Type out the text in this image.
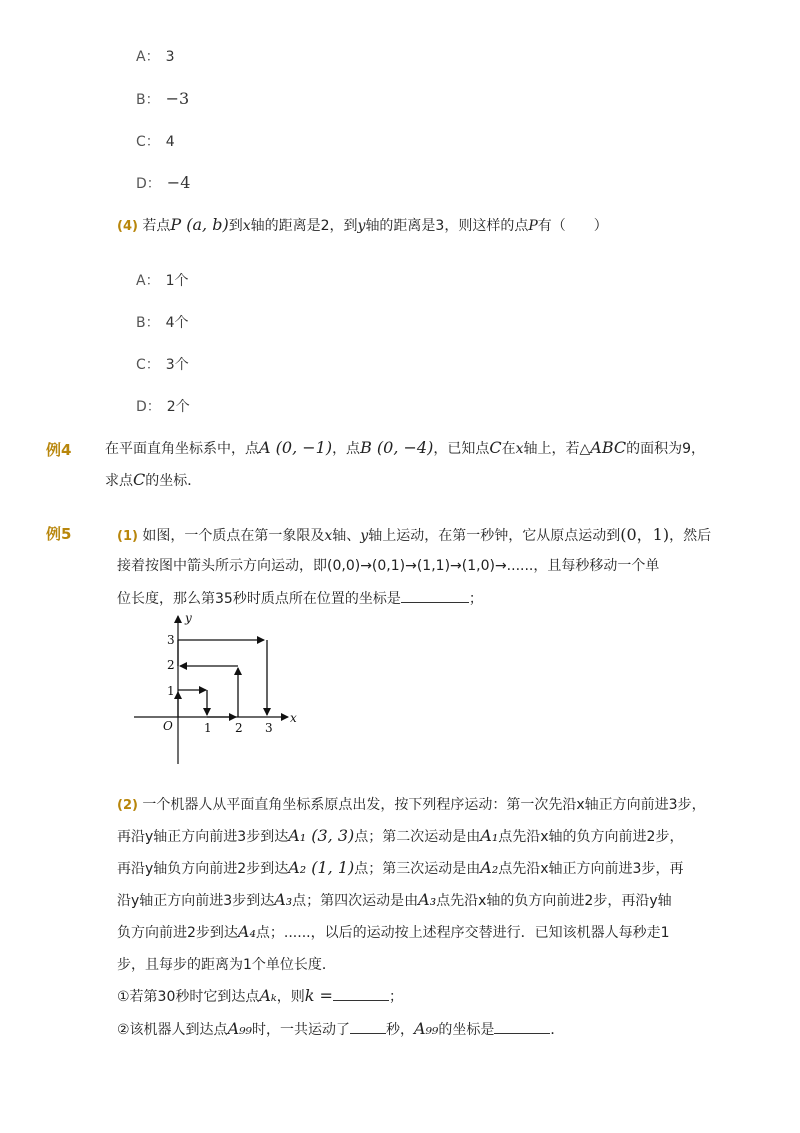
A： 3
B： −3
C： 4
D： −4
(4) 若点P (a, b)到x轴的距离是2，到y轴的距离是3，则这样的点P有（　　）
A： 1个
B： 4个
C： 3个
D： 2个
例4 在平面直角坐标系中，点A (0, −1)，点B (0, −4)，已知点C在x轴上，若△ABC的面积为9，
求点C的坐标．
例5	(1) 如图，一个质点在第一象限及x轴、y轴上运动，在第一秒钟，它从原点运动到(0，1)，然后
接着按图中箭头所示方向运动，即(0,0)→(0,1)→(1,1)→(1,0)→......，且每秒移动一个单
位长度，那么第35秒时质点所在位置的坐标是	；
y
x
O	1 2 3
1
2
3
(2) 一个机器人从平面直角坐标系原点出发，按下列程序运动：第一次先沿x轴正方向前进3步，
再沿y轴正方向前进3步到达A₁ (3, 3)点；第二次运动是由A₁点先沿x轴的负方向前进2步，
再沿y轴负方向前进2步到达A₂ (1, 1)点；第三次运动是由A₂点先沿x轴正方向前进3步，再
沿y轴正方向前进3步到达A₃点；第四次运动是由A₃点先沿x轴的负方向前进2步，再沿y轴
负方向前进2步到达A₄点；......，以后的运动按上述程序交替进行．已知该机器人每秒走1
步，且每步的距离为1个单位长度．
①若第30秒时它到达点Aₖ，则k =	；
②该机器人到达点A₉₉时，一共运动了	秒，A₉₉的坐标是	．
